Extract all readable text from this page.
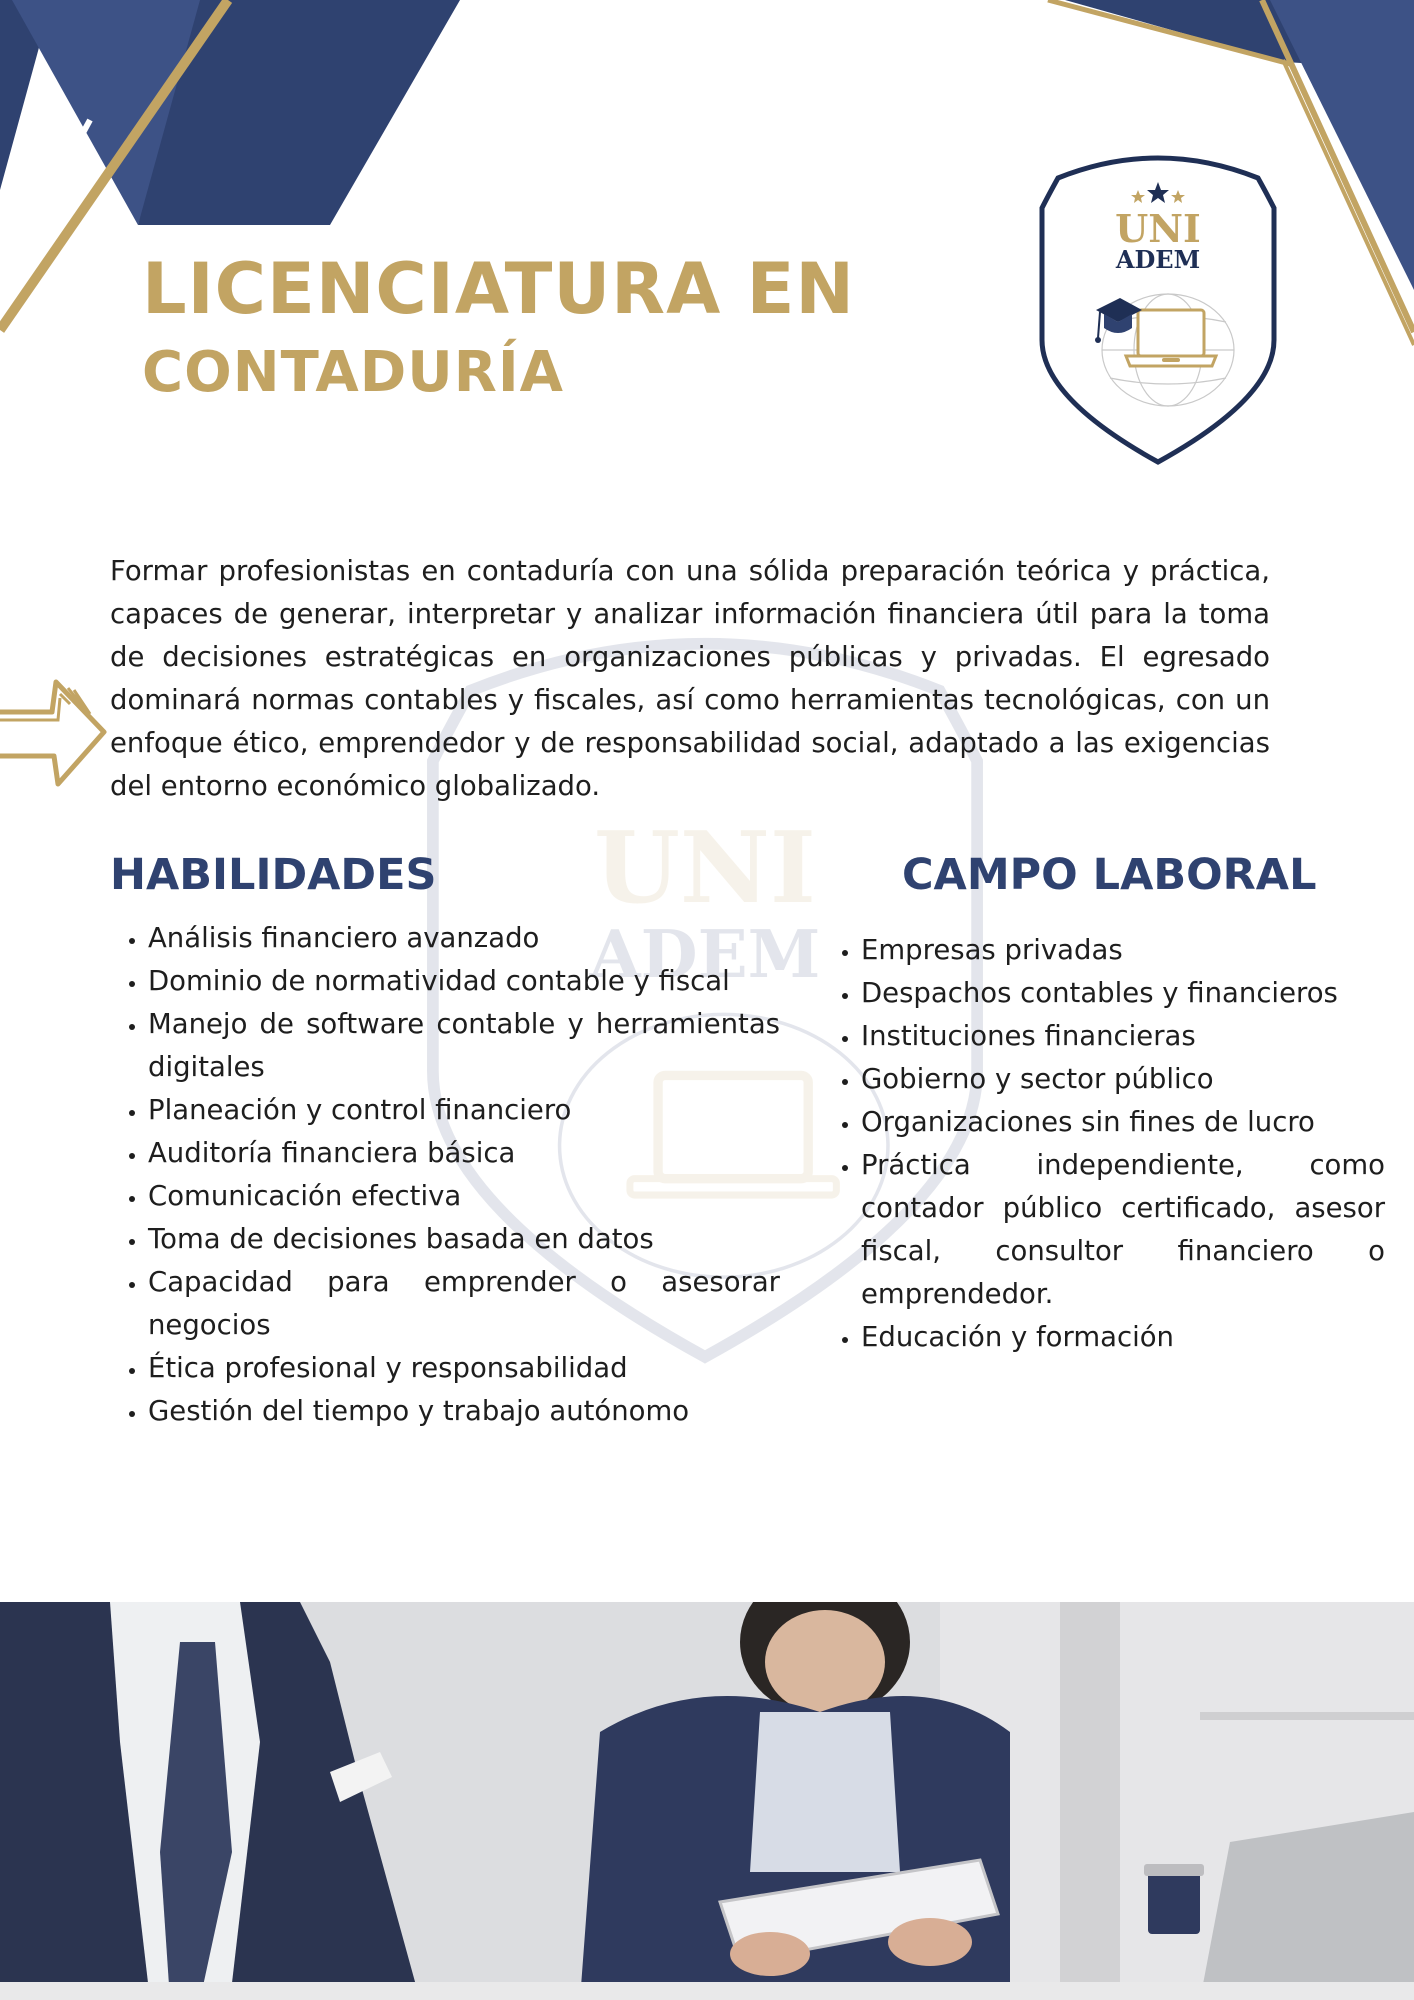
UNI
ADEM
LICENCIATURA EN
CONTADURÍA
UNI
ADEM

Formar profesionistas en contaduría con una sólida preparación teórica y práctica, capaces de generar, interpretar y analizar información financiera útil para la toma de decisiones estratégicas en organizaciones públicas y privadas. El egresado dominará normas contables y fiscales, así como herramientas tecnológicas, con un enfoque ético, emprendedor y de responsabilidad social, adaptado a las exigencias del entorno económico globalizado.

HABILIDADES
• Análisis financiero avanzado
• Dominio de normatividad contable y fiscal
• Manejo de software contable y herramientas digitales
• Planeación y control financiero
• Auditoría financiera básica
• Comunicación efectiva
• Toma de decisiones basada en datos
• Capacidad para emprender o asesorar negocios
• Ética profesional y responsabilidad
• Gestión del tiempo y trabajo autónomo
CAMPO LABORAL
• Empresas privadas
• Despachos contables y financieros
• Instituciones financieras
• Gobierno y sector público
• Organizaciones sin fines de lucro
• Práctica independiente, como contador público certificado, asesor fiscal, consultor financiero o emprendedor.
• Educación y formación
